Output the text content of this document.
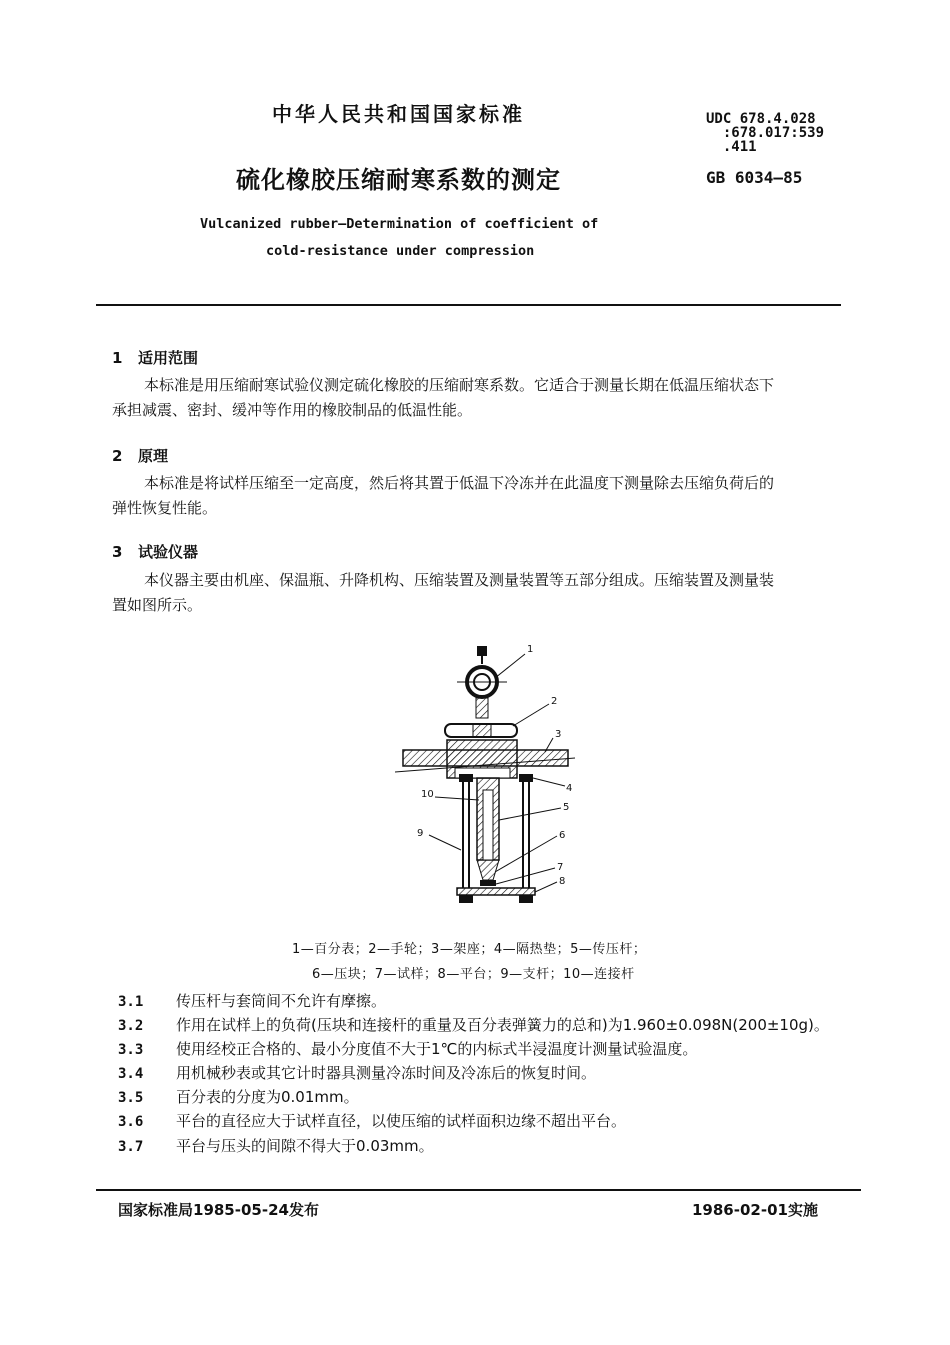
中华人民共和国国家标准	UDC 678.4.028
:678.017:539
.411
硫化橡胶压缩耐寒系数的测定	GB 6034—85
Vulcanized rubber—Determination of coefficient of
cold-resistance under compression
1 适用范围
本标准是用压缩耐寒试验仪测定硫化橡胶的压缩耐寒系数。它适合于测量长期在低温压缩状态下
承担减震、密封、缓冲等作用的橡胶制品的低温性能。
2 原理
本标准是将试样压缩至一定高度，然后将其置于低温下冷冻并在此温度下测量除去压缩负荷后的
弹性恢复性能。
3 试验仪器
本仪器主要由机座、保温瓶、升降机构、压缩装置及测量装置等五部分组成。压缩装置及测量装
置如图所示。
1
2
3
4
5
6
7
8
9
10
1—百分表；2—手轮；3—架座；4—隔热垫；5—传压杆；
6—压块；7—试样；8—平台；9—支杆；10—连接杆
3.1 传压杆与套筒间不允许有摩擦。
3.2 作用在试样上的负荷(压块和连接杆的重量及百分表弹簧力的总和)为1.960±0.098N(200±10g)。
3.3 使用经校正合格的、最小分度值不大于1℃的内标式半浸温度计测量试验温度。
3.4 用机械秒表或其它计时器具测量冷冻时间及冷冻后的恢复时间。
3.5 百分表的分度为0.01mm。
3.6 平台的直径应大于试样直径，以使压缩的试样面积边缘不超出平台。
3.7 平台与压头的间隙不得大于0.03mm。
国家标准局1985-05-24发布	1986-02-01实施
